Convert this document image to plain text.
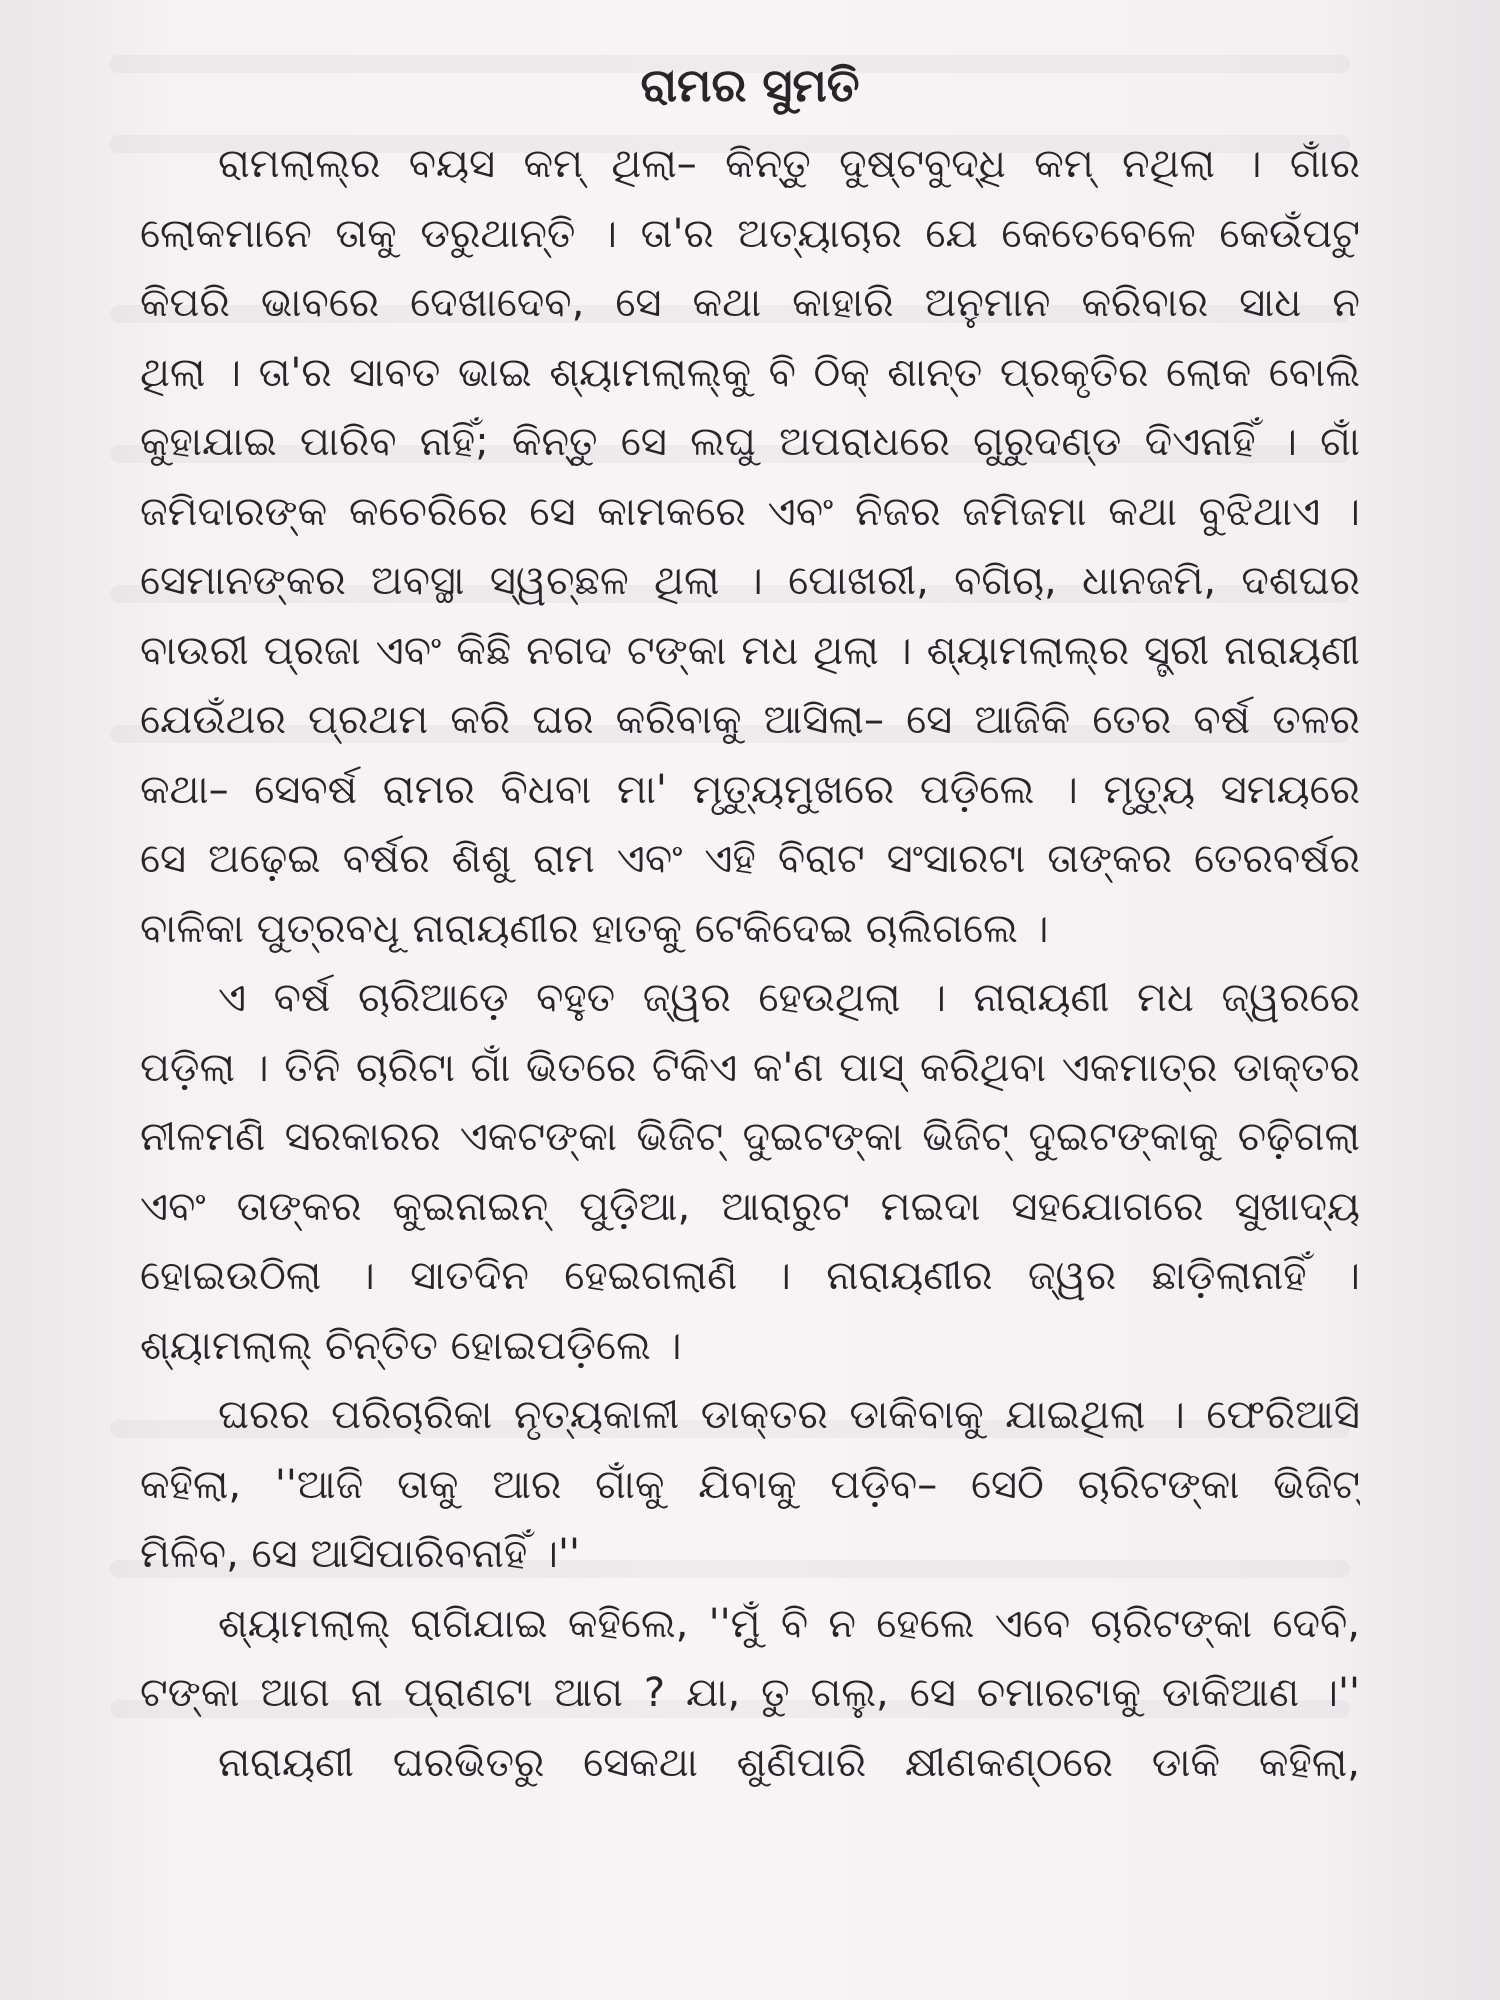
ରାମର ସୁମତି
ରାମଲାଲ୍‌ର ବୟସ କମ୍ ଥିଲା– କିନ୍ତୁ ଦୁଷ୍ଟବୁଦ୍ଧି କମ୍ ନଥିଲା । ଗାଁର
ଲୋକମାନେ ତାକୁ ଡରୁଥାନ୍ତି । ତା'ର ଅତ୍ୟାଚାର ଯେ କେତେବେଳେ କେଉଁପଟୁ
କିପରି ଭାବରେ ଦେଖାଦେବ, ସେ କଥା କାହାରି ଅନୁମାନ କରିବାର ସାଧ ନ
ଥିଲା । ତା'ର ସାବତ ଭାଇ ଶ୍ୟାମଲାଲ୍‌କୁ ବି ଠିକ୍ ଶାନ୍ତ ପ୍ରକୃତିର ଲୋକ ବୋଲି
କୁହାଯାଇ ପାରିବ ନାହିଁ; କିନ୍ତୁ ସେ ଲଘୁ ଅପରାଧରେ ଗୁରୁଦଣ୍ଡ ଦିଏନାହିଁ । ଗାଁ
ଜମିଦାରଙ୍କ କଚେରିରେ ସେ କାମକରେ ଏବଂ ନିଜର ଜମିଜମା କଥା ବୁଝିଥାଏ ।
ସେମାନଙ୍କର ଅବସ୍ଥା ସ୍ୱଚ୍ଛଳ ଥିଲା । ପୋଖରୀ, ବଗିଚା, ଧାନଜମି, ଦଶଘର
ବାଉରୀ ପ୍ରଜା ଏବଂ କିଛି ନଗଦ ଟଙ୍କା ମଧ ଥିଲା । ଶ୍ୟାମଲାଲ୍‌ର ସ୍ତ୍ରୀ ନାରାୟଣୀ
ଯେଉଁଥର ପ୍ରଥମ କରି ଘର କରିବାକୁ ଆସିଲା– ସେ ଆଜିକି ତେର ବର୍ଷ ତଳର
କଥା– ସେବର୍ଷ ରାମର ବିଧବା ମା' ମୃତ୍ୟୁମୁଖରେ ପଡ଼ିଲେ । ମୃତ୍ୟୁ ସମୟରେ
ସେ ଅଢ଼େଇ ବର୍ଷର ଶିଶୁ ରାମ ଏବଂ ଏହି ବିରାଟ ସଂସାରଟା ତାଙ୍କର ତେରବର୍ଷର
ବାଳିକା ପୁତ୍ରବଧୂ ନାରାୟଣୀର ହାତକୁ ଟେକିଦେଇ ଚାଲିଗଲେ ।
ଏ ବର୍ଷ ଚାରିଆଡ଼େ ବହୁତ ଜ୍ୱର ହେଉଥିଲା । ନାରାୟଣୀ ମଧ ଜ୍ୱରରେ
ପଡ଼ିଲା । ତିନି ଚାରିଟା ଗାଁ ଭିତରେ ଟିକିଏ କ'ଣ ପାସ୍ କରିଥିବା ଏକମାତ୍ର ଡାକ୍ତର
ନୀଳମଣି ସରକାରର ଏକଟଙ୍କା ଭିଜିଟ୍ ଦୁଇଟଙ୍କା ଭିଜିଟ୍ ଦୁଇଟଙ୍କାକୁ ଚଢ଼ିଗଲା
ଏବଂ ତାଙ୍କର କୁଇନାଇନ୍ ପୁଡ଼ିଆ, ଆରାରୁଟ ମଇଦା ସହଯୋଗରେ ସୁଖାଦ୍ୟ
ହୋଇଉଠିଲା । ସାତଦିନ ହେଇଗଲାଣି । ନାରାୟଣୀର ଜ୍ୱର ଛାଡ଼ିଲାନାହିଁ ।
ଶ୍ୟାମଲାଲ୍ ଚିନ୍ତିତ ହୋଇପଡ଼ିଲେ ।
ଘରର ପରିଚାରିକା ନୃତ୍ୟକାଳୀ ଡାକ୍ତର ଡାକିବାକୁ ଯାଇଥିଲା । ଫେରିଆସି
କହିଲା, ''ଆଜି ତାକୁ ଆର ଗାଁକୁ ଯିବାକୁ ପଡ଼ିବ– ସେଠି ଚାରିଟଙ୍କା ଭିଜିଟ୍
ମିଳିବ, ସେ ଆସିପାରିବନାହିଁ ।''
ଶ୍ୟାମଲାଲ୍ ରାଗିଯାଇ କହିଲେ, ''ମୁଁ ବି ନ ହେଲେ ଏବେ ଚାରିଟଙ୍କା ଦେବି,
ଟଙ୍କା ଆଗ ନା ପ୍ରାଣଟା ଆଗ ? ଯା, ତୁ ଗଲୁ, ସେ ଚମାରଟାକୁ ଡାକିଆଣ ।''
ନାରାୟଣୀ ଘରଭିତରୁ ସେକଥା ଶୁଣିପାରି କ୍ଷୀଣକଣ୍ଠରେ ଡାକି କହିଲା,
